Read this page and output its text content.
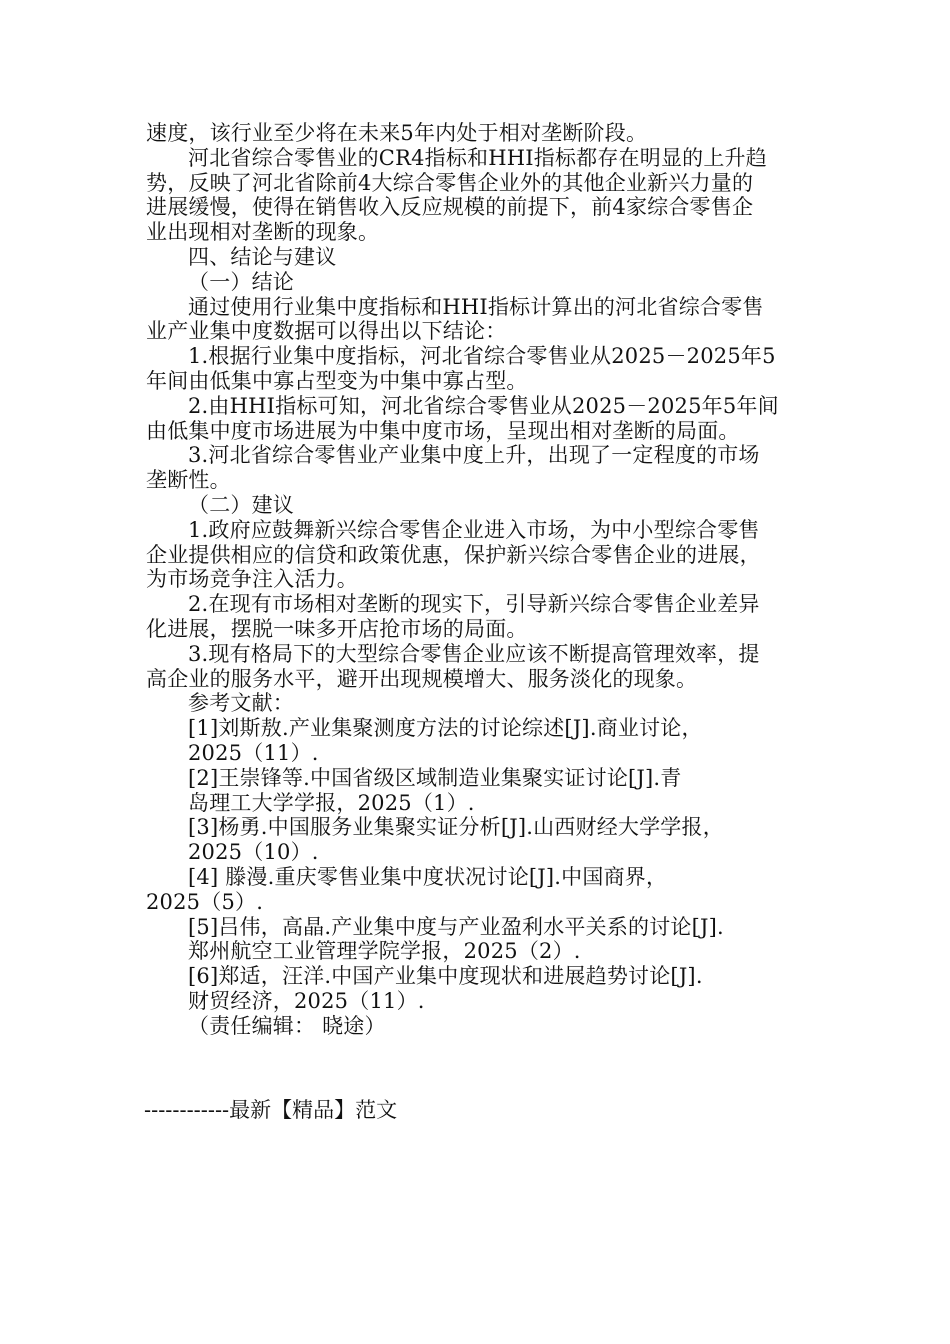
速度，该行业至少将在未来5年内处于相对垄断阶段。
河北省综合零售业的CR4指标和HHI指标都存在明显的上升趋
势，反映了河北省除前4大综合零售企业外的其他企业新兴力量的
进展缓慢，使得在销售收入反应规模的前提下，前4家综合零售企
业出现相对垄断的现象。
四、结论与建议
（一）结论
通过使用行业集中度指标和HHI指标计算出的河北省综合零售
业产业集中度数据可以得出以下结论：
1.根据行业集中度指标，河北省综合零售业从2025－2025年5
年间由低集中寡占型变为中集中寡占型。
2.由HHI指标可知，河北省综合零售业从2025－2025年5年间
由低集中度市场进展为中集中度市场，呈现出相对垄断的局面。
3.河北省综合零售业产业集中度上升，出现了一定程度的市场
垄断性。
（二）建议
1.政府应鼓舞新兴综合零售企业进入市场，为中小型综合零售
企业提供相应的信贷和政策优惠，保护新兴综合零售企业的进展，
为市场竞争注入活力。
2.在现有市场相对垄断的现实下，引导新兴综合零售企业差异
化进展，摆脱一味多开店抢市场的局面。
3.现有格局下的大型综合零售企业应该不断提高管理效率，提
高企业的服务水平，避开出现规模增大、服务淡化的现象。
参考文献：
[1]刘斯敖.产业集聚测度方法的讨论综述[J].商业讨论，
2025（11）.
[2]王崇锋等.中国省级区域制造业集聚实证讨论[J].青
岛理工大学学报，2025（1）.
[3]杨勇.中国服务业集聚实证分析[J].山西财经大学学报，
2025（10）.
[4] 滕漫.重庆零售业集中度状况讨论[J].中国商界，
2025（5）.
[5]吕伟，高晶.产业集中度与产业盈利水平关系的讨论[J].
郑州航空工业管理学院学报，2025（2）.
[6]郑适，汪洋.中国产业集中度现状和进展趋势讨论[J].
财贸经济，2025（11）.
（责任编辑： 晓途）
------------最新【精品】范文
